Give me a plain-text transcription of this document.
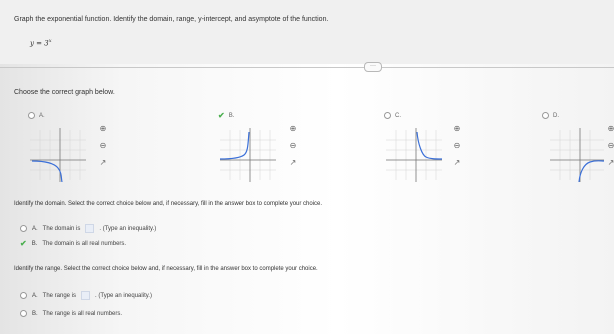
Graph the exponential function. Identify the domain, range, y-intercept, and asymptote of the function.
$y = 3^x$
···
Choose the correct graph below.
A.
⊕
⊖
↗
✔ B.
⊕
⊖
↗
C.
⊕
⊖
↗
D.
⊕
⊖
↗
Identify the domain. Select the correct choice below and, if necessary, fill in the answer box to complete your choice.
A. The domain is	. (Type an inequality.)
✔ B. The domain is all real numbers.
Identify the range. Select the correct choice below and, if necessary, fill in the answer box to complete your choice.
A. The range is	. (Type an inequality.)
B. The range is all real numbers.
